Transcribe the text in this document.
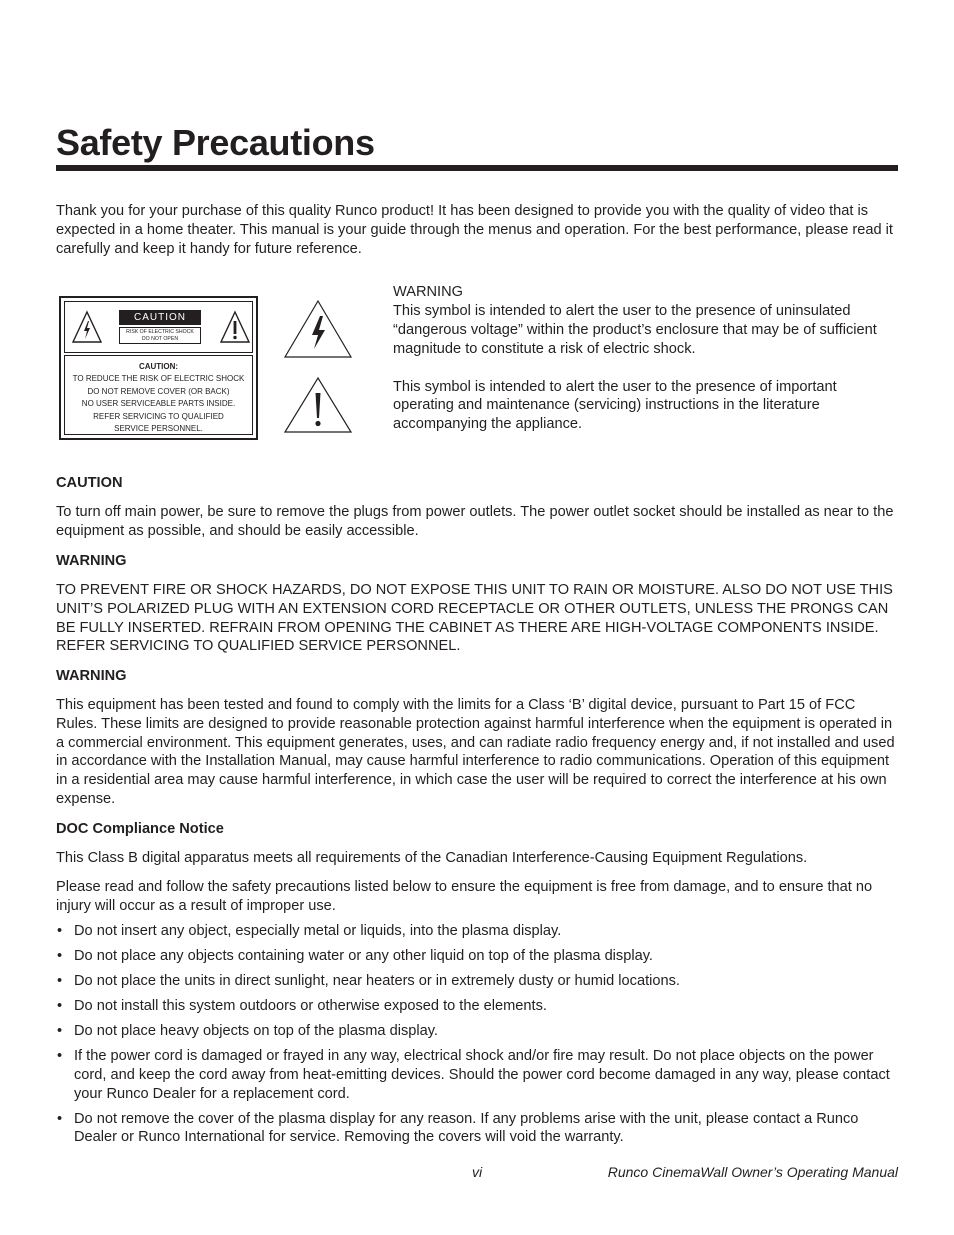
Safety Precautions

Thank you for your purchase of this quality Runco product! It has been designed to provide you with the quality of video that is expected in a home theater. This manual is your guide through the menus and operation. For the best performance, please read it carefully and keep it handy for future reference.

CAUTION
RISK OF ELECTRIC SHOCK
DO NOT OPEN
CAUTION:
TO REDUCE THE RISK OF ELECTRIC SHOCK
DO NOT REMOVE COVER (OR BACK)
NO USER SERVICEABLE PARTS INSIDE.
REFER SERVICING TO QUALIFIED
SERVICE PERSONNEL.

WARNING

This symbol is intended to alert the user to the presence of uninsulated “dangerous voltage” within the product’s enclosure that may be of sufficient magnitude to constitute a risk of electric shock.

This symbol is intended to alert the user to the presence of important operating and maintenance (servicing) instructions in the literature accompanying the appliance.

CAUTION

To turn off main power, be sure to remove the plugs from power outlets. The power outlet socket should be installed as near to the equipment as possible, and should be easily accessible.

WARNING

TO PREVENT FIRE OR SHOCK HAZARDS, DO NOT EXPOSE THIS UNIT TO RAIN OR MOISTURE. ALSO DO NOT USE THIS UNIT’S POLARIZED PLUG WITH AN EXTENSION CORD RECEPTACLE OR OTHER OUTLETS, UNLESS THE PRONGS CAN BE FULLY INSERTED. REFRAIN FROM OPENING THE CABINET AS THERE ARE HIGH-VOLTAGE COMPONENTS INSIDE. REFER SERVICING TO QUALIFIED SERVICE PERSONNEL.

WARNING

This equipment has been tested and found to comply with the limits for a Class ‘B’ digital device, pursuant to Part 15 of FCC Rules. These limits are designed to provide reasonable protection against harmful interference when the equipment is operated in a commercial environment. This equipment generates, uses, and can radiate radio frequency energy and, if not installed and used in accordance with the Installation Manual, may cause harmful interference to radio communications. Operation of this equipment in a residential area may cause harmful interference, in which case the user will be required to correct the interference at his own expense.

DOC Compliance Notice

This Class B digital apparatus meets all requirements of the Canadian Interference-Causing Equipment Regulations.

Please read and follow the safety precautions listed below to ensure the equipment is free from damage, and to ensure that no injury will occur as a result of improper use.

• Do not insert any object, especially metal or liquids, into the plasma display.
• Do not place any objects containing water or any other liquid on top of the plasma display.
• Do not place the units in direct sunlight, near heaters or in extremely dusty or humid locations.
• Do not install this system outdoors or otherwise exposed to the elements.
• Do not place heavy objects on top of the plasma display.
• If the power cord is damaged or frayed in any way, electrical shock and/or fire may result. Do not place objects on the power cord, and keep the cord away from heat-emitting devices. Should the power cord become damaged in any way, please contact your Runco Dealer for a replacement cord.
• Do not remove the cover of the plasma display for any reason. If any problems arise with the unit, please contact a Runco Dealer or Runco International for service. Removing the covers will void the warranty.
vi	Runco CinemaWall Owner’s Operating Manual
